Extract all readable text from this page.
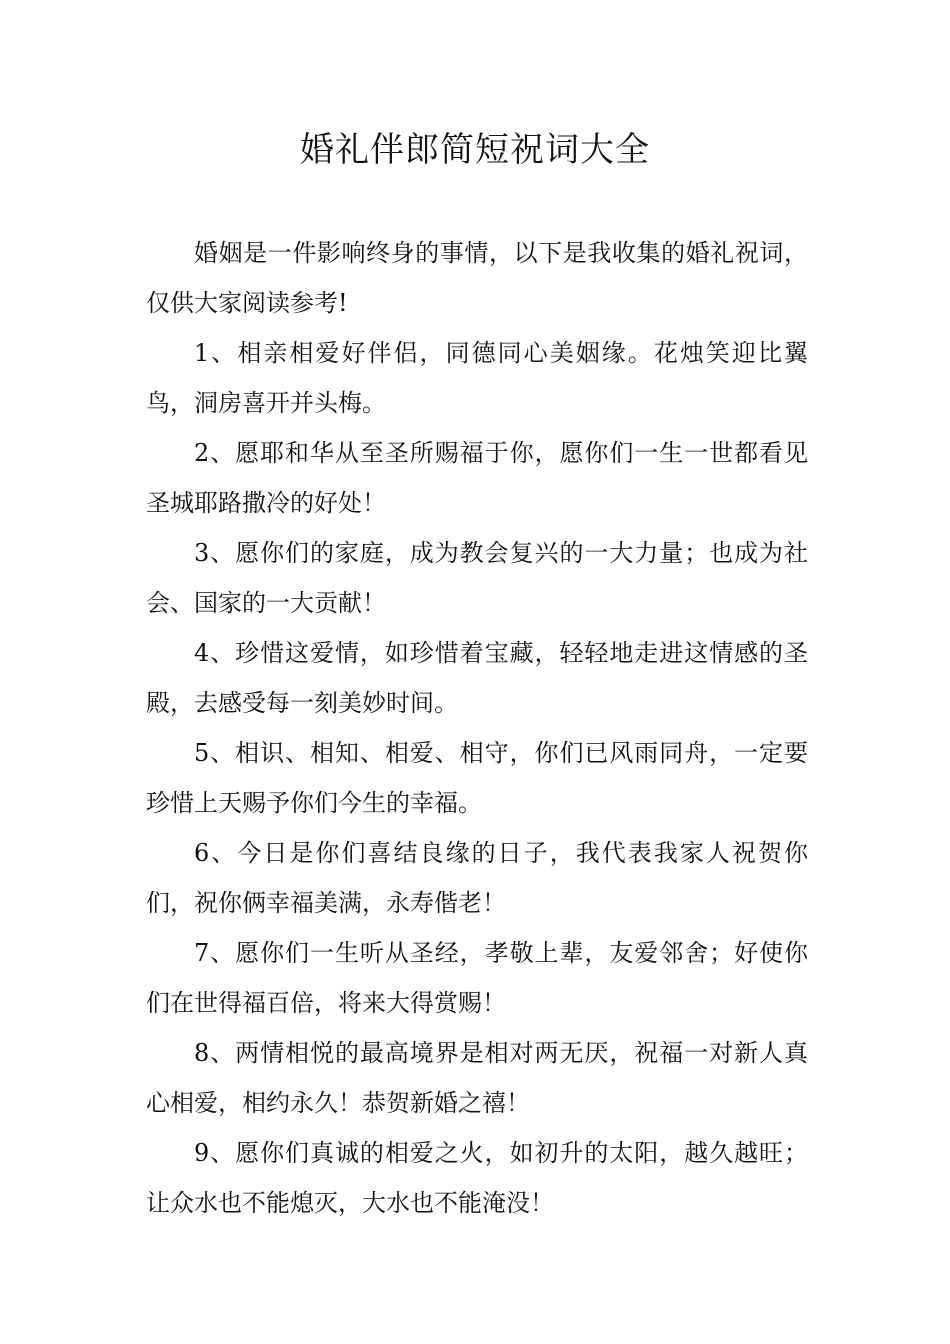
婚礼伴郎简短祝词大全

婚姻是一件影响终身的事情，以下是我收集的婚礼祝词，仅供大家阅读参考!

1、相亲相爱好伴侣，同德同心美姻缘。花烛笑迎比翼鸟，洞房喜开并头梅。

2、愿耶和华从至圣所赐福于你，愿你们一生一世都看见圣城耶路撒冷的好处！

3、愿你们的家庭，成为教会复兴的一大力量；也成为社会、国家的一大贡献！

4、珍惜这爱情，如珍惜着宝藏，轻轻地走进这情感的圣殿，去感受每一刻美妙时间。

5、相识、相知、相爱、相守，你们已风雨同舟，一定要珍惜上天赐予你们今生的幸福。

6、今日是你们喜结良缘的日子，我代表我家人祝贺你们，祝你俩幸福美满，永寿偕老！

7、愿你们一生听从圣经，孝敬上辈，友爱邻舍；好使你们在世得福百倍，将来大得赏赐！

8、两情相悦的最高境界是相对两无厌，祝福一对新人真心相爱，相约永久！恭贺新婚之禧！

9、愿你们真诚的相爱之火，如初升的太阳，越久越旺；让众水也不能熄灭，大水也不能淹没！
